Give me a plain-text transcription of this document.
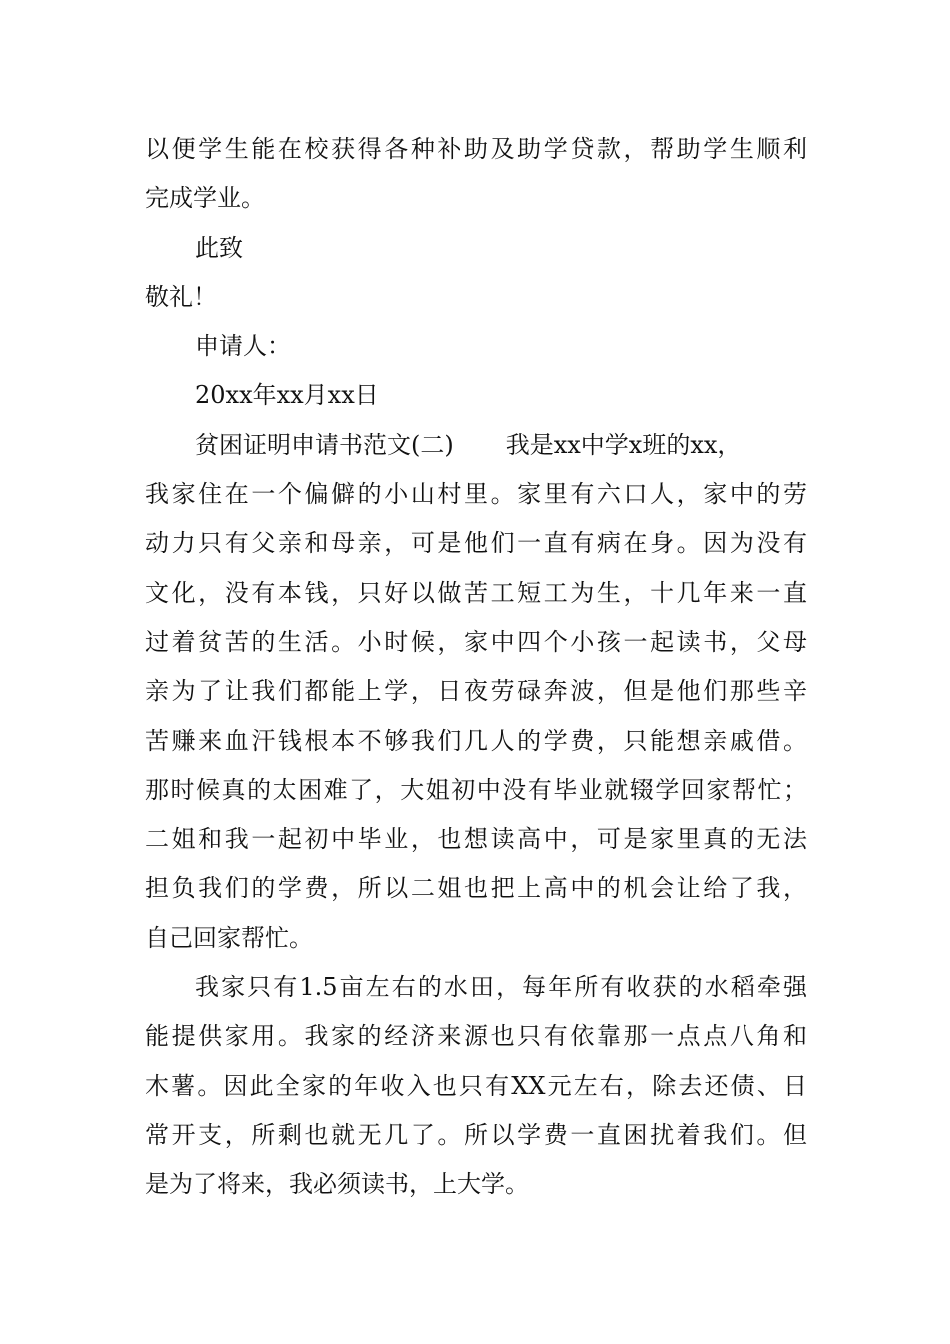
以便学生能在校获得各种补助及助学贷款，帮助学生顺利
完成学业。
此致
敬礼！
申请人：
20xx年xx月xx日
贫困证明申请书范文(二) 我是xx中学x班的xx，
我家住在一个偏僻的小山村里。家里有六口人，家中的劳
动力只有父亲和母亲，可是他们一直有病在身。因为没有
文化，没有本钱，只好以做苦工短工为生，十几年来一直
过着贫苦的生活。小时候，家中四个小孩一起读书，父母
亲为了让我们都能上学，日夜劳碌奔波，但是他们那些辛
苦赚来血汗钱根本不够我们几人的学费，只能想亲戚借。
那时候真的太困难了，大姐初中没有毕业就辍学回家帮忙；
二姐和我一起初中毕业，也想读高中，可是家里真的无法
担负我们的学费，所以二姐也把上高中的机会让给了我，
自己回家帮忙。
我家只有1.5亩左右的水田，每年所有收获的水稻牵强
能提供家用。我家的经济来源也只有依靠那一点点八角和
木薯。因此全家的年收入也只有XX元左右，除去还债、日
常开支，所剩也就无几了。所以学费一直困扰着我们。但
是为了将来，我必须读书，上大学。
